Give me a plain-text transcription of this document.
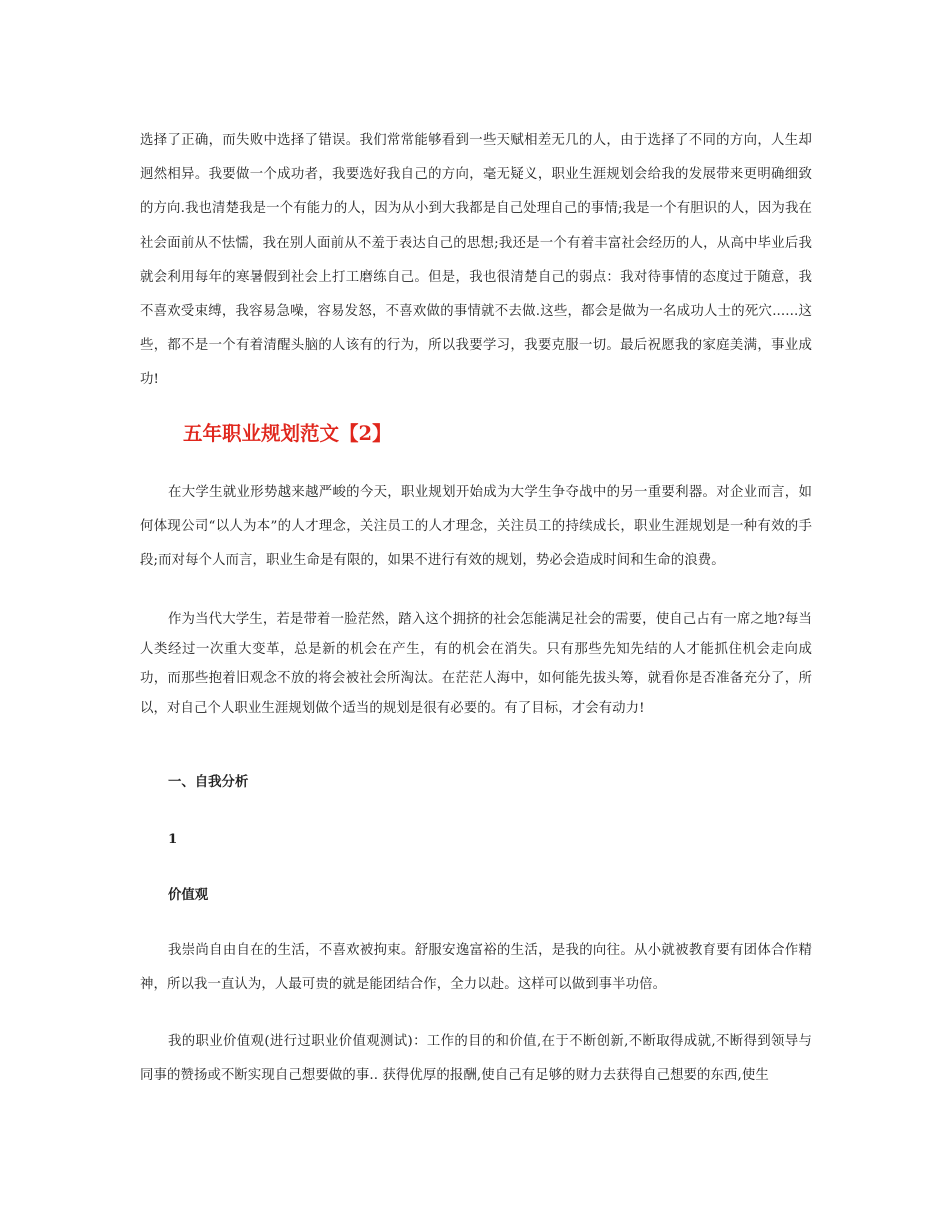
选择了正确，而失败中选择了错误。我们常常能够看到一些天赋相差无几的人，由于选择了不同的方向，人生却迥然相异。我要做一个成功者，我要选好我自己的方向，毫无疑义，职业生涯规划会给我的发展带来更明确细致的方向.我也清楚我是一个有能力的人，因为从小到大我都是自己处理自己的事情;我是一个有胆识的人，因为我在社会面前从不怯懦，我在别人面前从不羞于表达自己的思想;我还是一个有着丰富社会经历的人，从高中毕业后我就会利用每年的寒暑假到社会上打工磨练自己。但是，我也很清楚自己的弱点：我对待事情的态度过于随意，我不喜欢受束缚，我容易急噪，容易发怒，不喜欢做的事情就不去做.这些，都会是做为一名成功人士的死穴......这些，都不是一个有着清醒头脑的人该有的行为，所以我要学习，我要克服一切。最后祝愿我的家庭美满，事业成功!

五年职业规划范文【2】

在大学生就业形势越来越严峻的今天，职业规划开始成为大学生争夺战中的另一重要利器。对企业而言，如何体现公司“以人为本”的人才理念，关注员工的人才理念，关注员工的持续成长，职业生涯规划是一种有效的手段;而对每个人而言，职业生命是有限的，如果不进行有效的规划，势必会造成时间和生命的浪费。

作为当代大学生，若是带着一脸茫然，踏入这个拥挤的社会怎能满足社会的需要，使自己占有一席之地?每当人类经过一次重大变革，总是新的机会在产生，有的机会在消失。只有那些先知先结的人才能抓住机会走向成功，而那些抱着旧观念不放的将会被社会所淘汰。在茫茫人海中，如何能先拔头筹，就看你是否准备充分了，所以，对自己个人职业生涯规划做个适当的规划是很有必要的。有了目标，才会有动力!

一、自我分析

1

价值观

我崇尚自由自在的生活，不喜欢被拘束。舒服安逸富裕的生活，是我的向往。从小就被教育要有团体合作精神，所以我一直认为，人最可贵的就是能团结合作，全力以赴。这样可以做到事半功倍。

我的职业价值观(进行过职业价值观测试)：工作的目的和价值,在于不断创新,不断取得成就,不断得到领导与同事的赞扬或不断实现自己想要做的事.. 获得优厚的报酬,使自己有足够的财力去获得自己想要的东西,使生
